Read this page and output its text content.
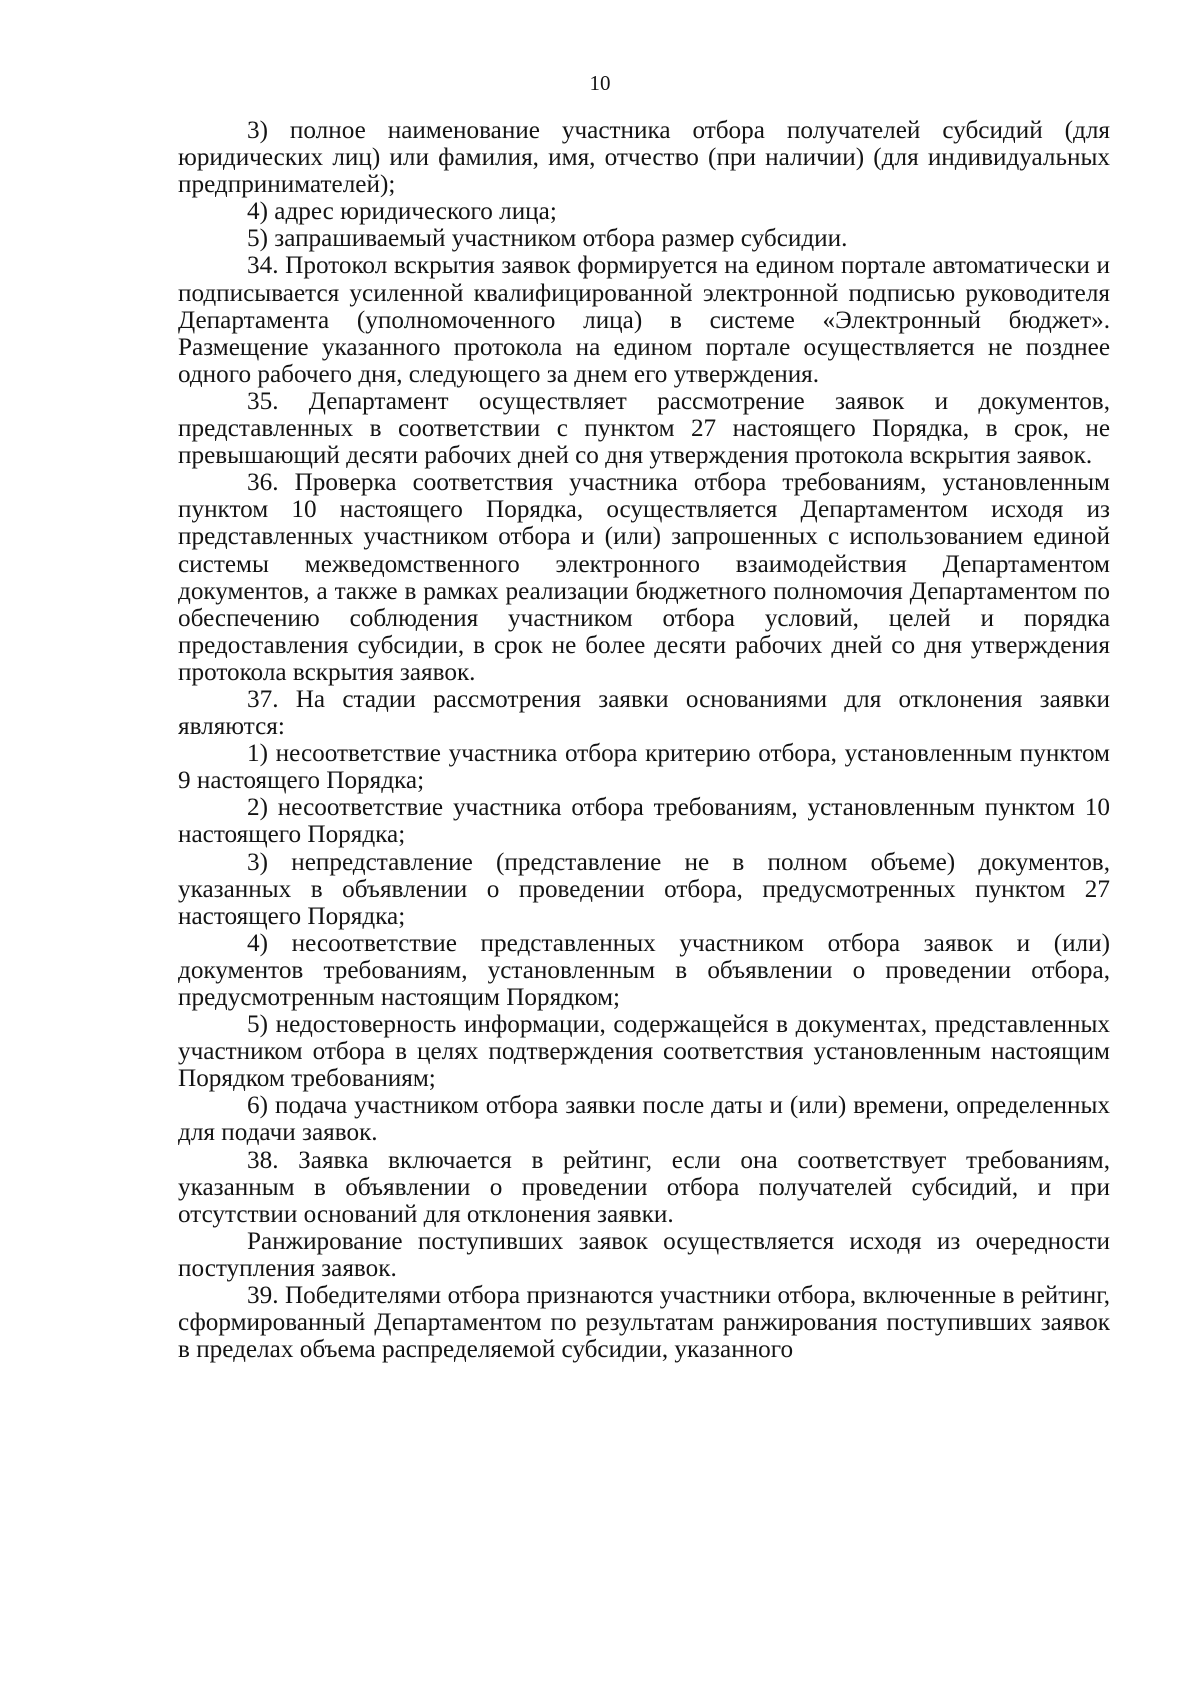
10

3) полное наименование участника отбора получателей субсидий (для юридических лиц) или фамилия, имя, отчество (при наличии) (для индивидуальных предпринимателей);

4) адрес юридического лица;

5) запрашиваемый участником отбора размер субсидии.

34. Протокол вскрытия заявок формируется на едином портале автоматически и подписывается усиленной квалифицированной электронной подписью руководителя Департамента (уполномоченного лица) в системе «Электронный бюджет». Размещение указанного протокола на едином портале осуществляется не позднее одного рабочего дня, следующего за днем его утверждения.

35. Департамент осуществляет рассмотрение заявок и документов, представленных в соответствии с пунктом 27 настоящего Порядка, в срок, не превышающий десяти рабочих дней со дня утверждения протокола вскрытия заявок.

36. Проверка соответствия участника отбора требованиям, установленным пунктом 10 настоящего Порядка, осуществляется Департаментом исходя из представленных участником отбора и (или) запрошенных с использованием единой системы межведомственного электронного взаимодействия Департаментом документов, а также в рамках реализации бюджетного полномочия Департаментом по обеспечению соблюдения участником отбора условий, целей и порядка предоставления субсидии, в срок не более десяти рабочих дней со дня утверждения протокола вскрытия заявок.

37. На стадии рассмотрения заявки основаниями для отклонения заявки являются:

1) несоответствие участника отбора критерию отбора, установленным пунктом 9 настоящего Порядка;

2) несоответствие участника отбора требованиям, установленным пунктом 10 настоящего Порядка;

3) непредставление (представление не в полном объеме) документов, указанных в объявлении о проведении отбора, предусмотренных пунктом 27 настоящего Порядка;

4) несоответствие представленных участником отбора заявок и (или) документов требованиям, установленным в объявлении о проведении отбора, предусмотренным настоящим Порядком;

5) недостоверность информации, содержащейся в документах, представленных участником отбора в целях подтверждения соответствия установленным настоящим Порядком требованиям;

6) подача участником отбора заявки после даты и (или) времени, определенных для подачи заявок.

38. Заявка включается в рейтинг, если она соответствует требованиям, указанным в объявлении о проведении отбора получателей субсидий, и при отсутствии оснований для отклонения заявки.

Ранжирование поступивших заявок осуществляется исходя из очередности поступления заявок.

39. Победителями отбора признаются участники отбора, включенные в рейтинг, сформированный Департаментом по результатам ранжирования поступивших заявок в пределах объема распределяемой субсидии, указанного
